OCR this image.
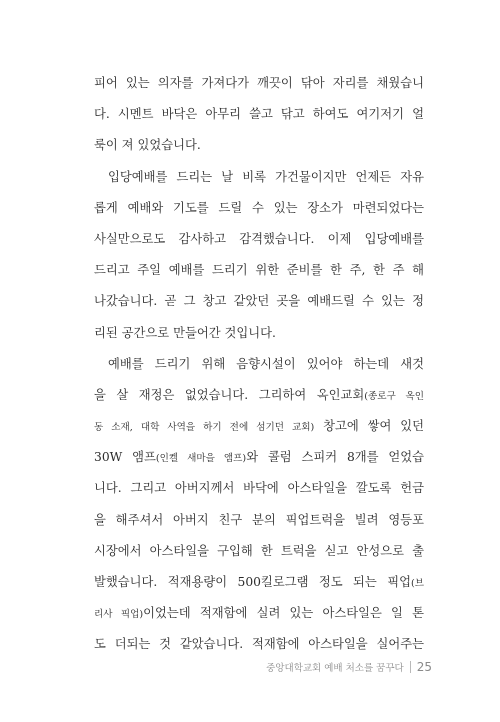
피어 있는 의자를 가져다가 깨끗이 닦아 자리를 채웠습니
다. 시멘트 바닥은 아무리 쓸고 닦고 하여도 여기저기 얼
룩이 져 있었습니다.
입당예배를 드리는 날 비록 가건물이지만 언제든 자유
롭게 예배와 기도를 드릴 수 있는 장소가 마련되었다는
사실만으로도 감사하고 감격했습니다. 이제 입당예배를
드리고 주일 예배를 드리기 위한 준비를 한 주, 한 주 해
나갔습니다. 곧 그 창고 같았던 곳을 예배드릴 수 있는 정
리된 공간으로 만들어간 것입니다.
예배를 드리기 위해 음향시설이 있어야 하는데 새것
을 살 재정은 없었습니다. 그리하여 옥인교회(종로구 옥인
동 소재, 대학 사역을 하기 전에 섬기던 교회) 창고에 쌓여 있던
30W 앰프(인켈 새마을 앰프)와 콜럼 스피커 8개를 얻었습
니다. 그리고 아버지께서 바닥에 아스타일을 깔도록 헌금
을 해주셔서 아버지 친구 분의 픽업트럭을 빌려 영등포
시장에서 아스타일을 구입해 한 트럭을 싣고 안성으로 출
발했습니다. 적재용량이 500킬로그램 정도 되는 픽업(브
리사 픽업)이었는데 적재함에 실려 있는 아스타일은 일 톤
도 더되는 것 같았습니다. 적재함에 아스타일을 실어주는
중앙대학교회 예배 처소를 꿈꾸다 25
